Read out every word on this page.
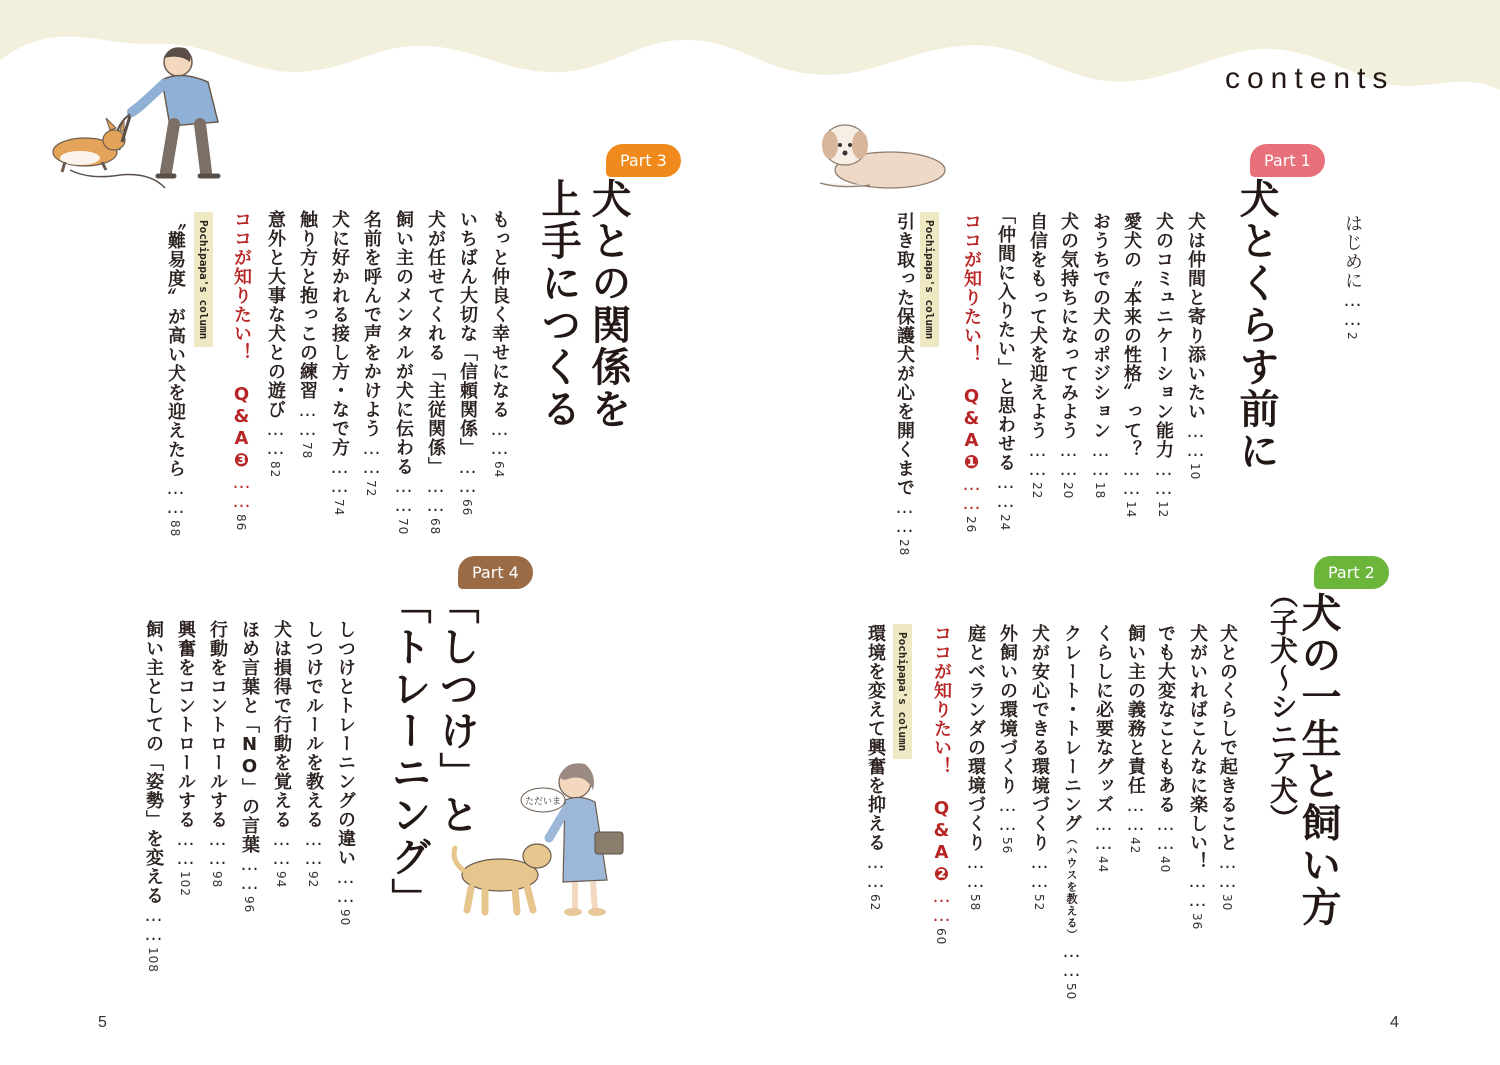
contents
ただいま
はじめに……2
Part 1
犬とくらす前に
犬は仲間と寄り添いたい……10
犬のコミュニケーション能力……12
愛犬の〝本来の性格〟って？……14
おうちでの犬のポジション……18
犬の気持ちになってみよう……20
自信をもって犬を迎えよう……22
「仲間に入りたい」と思わせる……24
ココが知りたい！ Q&A❶……26
Pochipapa's column
引き取った保護犬が心を開くまで……28
Part 2
犬の一生と飼い方
（子犬〜シニア犬）
犬とのくらしで起きること……30
犬がいればこんなに楽しい！……36
でも大変なこともある……40
飼い主の義務と責任……42
くらしに必要なグッズ……44
クレート・トレーニング（ハウスを教える）……50
犬が安心できる環境づくり……52
外飼いの環境づくり……56
庭とベランダの環境づくり……58
ココが知りたい！ Q&A❷……60
Pochipapa's column
環境を変えて興奮を抑える……62
Part 3
犬との関係を
上手につくる
もっと仲良く幸せになる……64
いちばん大切な「信頼関係」……66
犬が任せてくれる「主従関係」……68
飼い主のメンタルが犬に伝わる……70
名前を呼んで声をかけよう……72
犬に好かれる接し方・なで方……74
触り方と抱っこの練習……78
意外と大事な犬との遊び……82
ココが知りたい！ Q&A❸……86
Pochipapa's column
〝難易度〟が高い犬を迎えたら……88
Part 4
「しつけ」と
「トレーニング」
しつけとトレーニングの違い……90
しつけでルールを教える……92
犬は損得で行動を覚える……94
ほめ言葉と「NO」の言葉……96
行動をコントロールする……98
興奮をコントロールする……102
飼い主としての「姿勢」を変える……108
5	4
